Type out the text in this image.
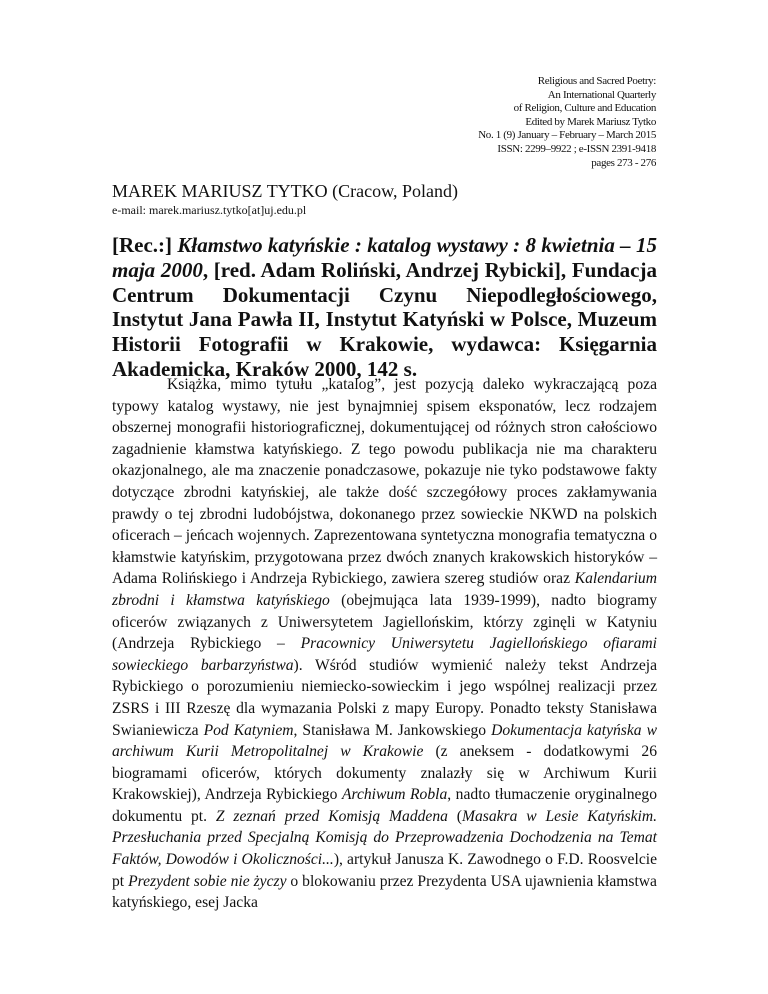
Religious and Sacred Poetry:
An International Quarterly
of Religion, Culture and Education
Edited by Marek Mariusz Tytko
No. 1 (9) January – February – March 2015
ISSN: 2299–9922 ; e-ISSN 2391-9418
pages 273 - 276
MAREK MARIUSZ TYTKO (Cracow, Poland)
e-mail: marek.mariusz.tytko[at]uj.edu.pl
[Rec.:] Kłamstwo katyńskie : katalog wystawy : 8 kwietnia – 15 maja 2000, [red. Adam Roliński, Andrzej Rybicki], Fundacja Centrum Dokumentacji Czynu Niepodległościowego, Instytut Jana Pawła II, Instytut Katyński w Polsce, Muzeum Historii Fotografii w Krakowie, wydawca: Księgarnia Akademicka, Kraków 2000, 142 s.

Książka, mimo tytułu „katalog”, jest pozycją daleko wykraczającą poza typowy katalog wystawy, nie jest bynajmniej spisem eksponatów, lecz rodzajem obszernej monografii historiograficznej, dokumentującej od różnych stron całościowo zagadnienie kłamstwa katyńskiego. Z tego powodu publikacja nie ma charakteru okazjonalnego, ale ma znaczenie ponadczasowe, pokazuje nie tyko podstawowe fakty dotyczące zbrodni katyńskiej, ale także dość szczegółowy proces zakłamywania prawdy o tej zbrodni ludobójstwa, dokonanego przez sowieckie NKWD na polskich oficerach – jeńcach wojennych. Zaprezentowana syntetyczna monografia tematyczna o kłamstwie katyńskim, przygotowana przez dwóch znanych krakowskich historyków – Adama Rolińskiego i Andrzeja Rybickiego, zawiera szereg studiów oraz Kalendarium zbrodni i kłamstwa katyńskiego (obejmująca lata 1939-1999), nadto biogramy oficerów związanych z Uniwersytetem Jagiellońskim, którzy zginęli w Katyniu (Andrzeja Rybickiego – Pracownicy Uniwersytetu Jagiellońskiego ofiarami sowieckiego barbarzyństwa). Wśród studiów wymienić należy tekst Andrzeja Rybickiego o porozumieniu niemiecko-sowieckim i jego wspólnej realizacji przez ZSRS i III Rzeszę dla wymazania Polski z mapy Europy. Ponadto teksty Stanisława Swianiewicza Pod Katyniem, Stanisława M. Jankowskiego Dokumentacja katyńska w archiwum Kurii Metropolitalnej w Krakowie (z aneksem - dodatkowymi 26 biogramami oficerów, których dokumenty znalazły się w Archiwum Kurii Krakowskiej), Andrzeja Rybickiego Archiwum Robla, nadto tłumaczenie oryginalnego dokumentu pt. Z zeznań przed Komisją Maddena (Masakra w Lesie Katyńskim. Przesłuchania przed Specjalną Komisją do Przeprowadzenia Dochodzenia na Temat Faktów, Dowodów i Okoliczności...), artykuł Janusza K. Zawodnego o F.D. Roosvelcie pt Prezydent sobie nie życzy o blokowaniu przez Prezydenta USA ujawnienia kłamstwa katyńskiego, esej Jacka
